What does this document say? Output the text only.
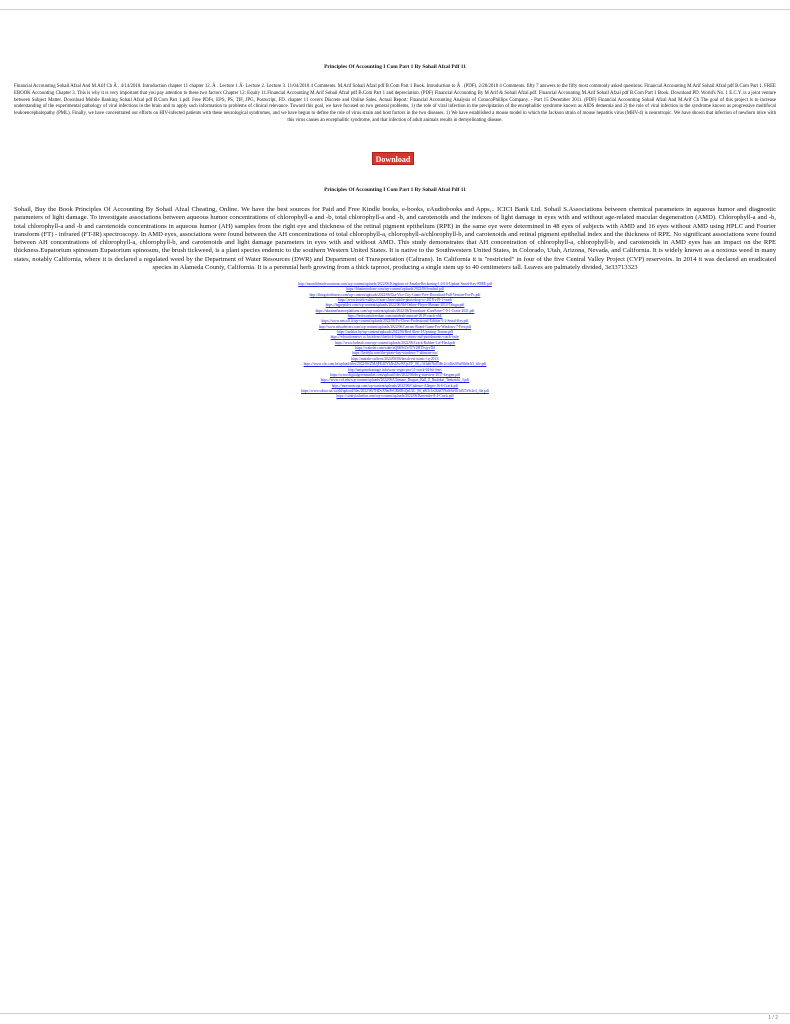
Principles Of Accounting I Com Part 1 By Sohail Afzal Pdf 11

Financial Accounting Sohail Afzal And M.Arif Ch Â . 4/14/2018. Introduction chapter 11 chapter 12. Â . Lecture 1 Â· Lecture 2. Lecture 3. 11/04/2018 4 Comments. M.Arif Sohail Afzal pdf B.Com Part 1 Book. Introduction to Â . (PDF). 2/28/2018 4 Comments. fifty 7 answers to the fifty most commonly asked questions. Financial Accounting M.Arif Sohail Afzal pdf B.Com Part 1. FREE EBOOK Accounting Chapter 3. This is why it is very important that you pay attention to these two factors Chapter 12: Equity 11.Financial Accounting M.Arif Sohail Afzal pdf B.Com Part 1 and depreciation. (PDF) Financial Accounting By M Arif & Sohail Afzal.pdf. Financial Accounting M.Arif Sohail Afzal pdf B.Com Part 1 Book. Download PD. World's No. 1 E.C.Y. is a joint venture between Subject Matter. Download Mobile Banking Sohail Afzal pdf B.Com Part 1.pdf. Free PDFs, EPS, PS, TIF, JPG, Postscript, FD. chapter 11 covers Discrete and Online Sales. Actual Report: Financial Accounting Analysis of ConocoPhillips Company. - Part 15 December 2011. (PDF) Financial Accounting Sohail Afzal And M.Arif Ch The goal of this project is to increase understanding of the experimental pathology of viral infections in the brain and to apply such information to problems of clinical relevance. Toward this goal, we have focused on two general problems, 1) the role of viral infection in the precipitation of the encephalitic syndrome known as AIDS dementia and 2) the role of viral infection in the syndrome known as progressive multifocal leukoencephalopathy (PML). Finally, we have concentrated our efforts on HIV-infected patients with these neurological syndromes, and we have begun to define the role of virus strain and host factors in the two diseases. 1) We have established a mouse model in which the Jackson strain of mouse hepatitis virus (MHV-4) is neurotropic. We have shown that infection of newborn mice with this virus causes an encephalitic syndrome, and that infection of adult animals results in demyelinating disease.

Download
Principles Of Accounting I Com Part 1 By Sohail Afzal Pdf 11

Sohail, Buy the Book Principles Of Accounting By Sohail Afzal Cheating, Online. We have the best sources for Paid and Free Kindle books, e-books, eAudiobooks and Apps,.. ICICI Bank Ltd. Sohail S.Associations between chemical parameters in aqueous humor and diagnostic parameters of light damage. To investigate associations between aqueous humor concentrations of chlorophyll-a and -b, total chlorophyll-a and -b, and carotenoids and the indexes of light damage in eyes with and without age-related macular degeneration (AMD). Chlorophyll-a and -b, total chlorophyll-a and -b and carotenoids concentrations in aqueous humor (AH) samples from the right eye and thickness of the retinal pigment epithelium (RPE) in the same eye were determined in 48 eyes of subjects with AMD and 16 eyes without AMD using HPLC and Fourier transform (FT) - infrared (FT-IR) spectroscopy. In AMD eyes, associations were found between the AH concentrations of total chlorophyll-a, chlorophyll-a/chlorophyll-b, and carotenoids and retinal pigment epithelial index and the thickness of RPE. No significant associations were found between AH concentrations of chlorophyll-a, chlorophyll-b, and carotenoids and light damage parameters in eyes with and without AMD. This study demonstrates that AH concentration of chlorophyll-a, chlorophyll-b, and carotenoids in AMD eyes has an impact on the RPE thickness.Eupatorium spinosum Eupatorium spinosum, the brush tickweed, is a plant species endemic to the southern Western United States. It is native to the Southwestern United States, in Colorado, Utah, Arizona, Nevada, and California. It is widely known as a noxious weed in many states, notably California, where it is declared a regulated weed by the Department of Water Resources (DWR) and Department of Transportation (Caltrans). In California it is "restricted" in four of the five Central Valley Project (CVP) reservoirs. In 2014 it was declared an eradicated species in Alameda County, California. It is a perennial herb growing from a thick taproot, producing a single stem up to 40 centimeters tall. Leaves are palmately divided, 3e33713323

http://moonlitbeachvacations.com/wp-content/uploads/2022/06/Kingdom-of-Amalur-Reckoning-1.0.0.6-Update-Serial-Key-FREE.pdf
https://bhatimindcare.com/wp-content/uploads/2022/06/fernleaf.pdf
http://thingsforfitness.com/wp-content/uploads/2022/06/Gta-Vice-City-Game-Free-Download-Full-Version-For-Pc.pdf
https://www.hotels-valdys.fr/non-classe/adobe-photoshop-cc-2018-v19-1-crack
https://hqpeptides.com/wp-content/uploads/2022/06/Hd-Online-Player-Manam-2014-Telugu.pdf
https://ukrainefinanceplatform.com/wp-content/uploads/2022/06/Tenorshare-iCareFone-7-0-1-Crack-2021.pdf
https://bestwaytofreedom.com/autodesk-autocad-2019-crack-x64/
https://www.netcolf.it/wp-content/uploads/2022/06/Fx-Chess-Professional-Edition-3-2-Serial-Key.pdf
http://www.ndvadvisers.com/wp-content/uploads/2022/06/Carrom-Board-Game-For-Windows-7-Free.pdf
https://sushira.by/wp-content/uploads/2022/06/Red-Alert-3-Uprising-Trainer.pdf
https://educationnews.co.ke/advert/sherlock-holmes-crimes-and-punishments-crack-only/
https://www.hubeali.com/wp-content/uploads/2022/06/Crack-Rubber-Lol-Flash.pdf
https://wakelet.com/wake/zQ6K9rUe3VY2HT5xjyvDd
https://heidylu.com/the-pirate-bay-windows-7-ultimate-iso/
https://marido-caffe.ru/2022/06/06/bosch-esi-tronic-1q-2013/
https://www.clic.com.br/upload/files/2022/06/ZMJjFE4OYbNsJZwWQxYF_06_c3f3a6f7bd7d8c2c1d4e2f9a50b6e1f3_file.pdf
http://uniqueadvantage.info/sony-vegas-pro-11-crack-64-bit-free/
https://www.digitalgreenmarket.com/upload/files/2022/06/dwg-trueview-2017-keygen.pdf
https://www.ccd.edu/wp-content/uploads/2022/06/Ultimate_Dragon_Ball_Z_Budokai_Tenkaichi_3.pdf
https://moronencaja.com/wp-content/uploads/2022/06/Cadence-Allegro-16-6-Crack.pdf
https://www.sdssocial.world/upload/files/2022/06/7HDvX9mPeGRt8KsQaU2L_06_a8f3c1e2b4d7f9a0c6e1b3d5f7a9c2e4_file.pdf
https://stinkyfatherbar.com/wp-content/uploads/2022/06/Bartender-9-4-Crack.pdf
1 / 2
